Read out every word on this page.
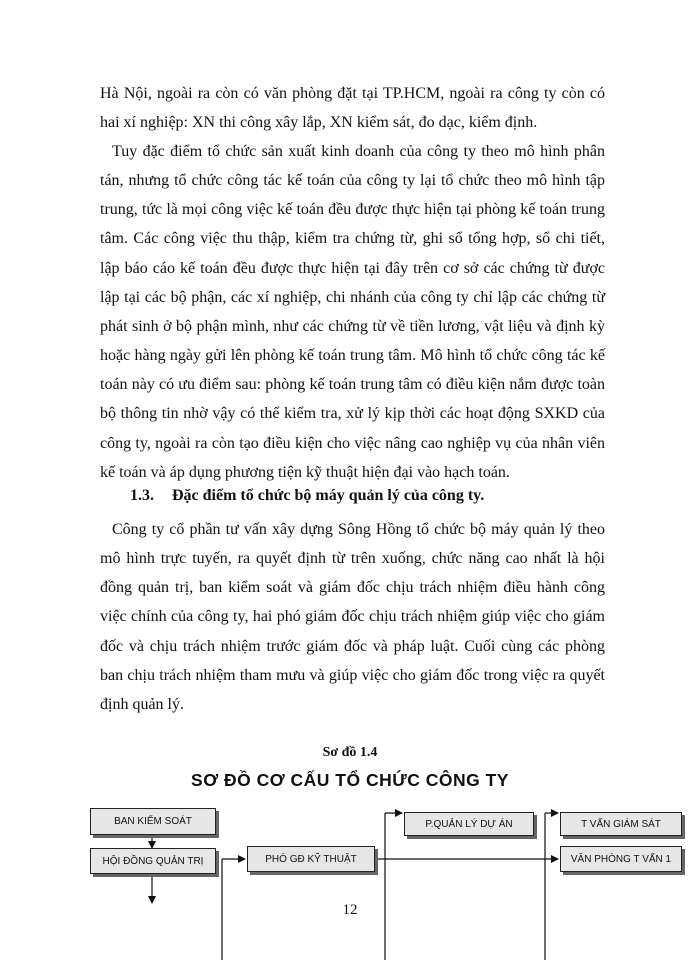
Hà Nội, ngoài ra còn có văn phòng đặt tại TP.HCM, ngoài ra công ty còn có hai xí nghiệp: XN thi công xây lắp, XN kiểm sát, đo dạc, kiểm định.

Tuy đặc điểm tổ chức sản xuất kinh doanh của công ty theo mô hình phân tán, nhưng tổ chức công tác kế toán của công ty lại tổ chức theo mô hình tập trung, tức là mọi công việc kế toán đều được thực hiện tại phòng kế toán trung tâm. Các công việc thu thập, kiểm tra chứng từ, ghi sổ tổng hợp, sổ chi tiết, lập báo cáo kế toán đều được thực hiện tại đây trên cơ sở các chứng từ được lập tại các bộ phận, các xí nghiệp, chi nhánh của công ty chỉ lập các chứng từ phát sinh ở bộ phận mình, như các chứng từ về tiền lương, vật liệu và định kỳ hoặc hàng ngày gửi lên phòng kế toán trung tâm. Mô hình tổ chức công tác kế toán này có ưu điểm sau: phòng kế toán trung tâm có điều kiện nắm được toàn bộ thông tin nhờ vậy có thể kiểm tra, xử lý kịp thời các hoạt động SXKD của công ty, ngoài ra còn tạo điều kiện cho việc nâng cao nghiệp vụ của nhân viên kế toán và áp dụng phương tiện kỹ thuật hiện đại vào hạch toán.

1.3. Đặc điểm tổ chức bộ máy quản lý của công ty.

Công ty cổ phần tư vấn xây dựng Sông Hồng tổ chức bộ máy quản lý theo mô hình trực tuyến, ra quyết định từ trên xuống, chức năng cao nhất là hội đồng quản trị, ban kiểm soát và giám đốc chịu trách nhiệm điều hành công việc chính của công ty, hai phó giám đốc chịu trách nhiệm giúp việc cho giám đốc và chịu trách nhiệm trước giám đốc và pháp luật. Cuối cùng các phòng ban chịu trách nhiệm tham mưu và giúp việc cho giám đốc trong việc ra quyết định quản lý.

Sơ đồ 1.4

SƠ ĐỒ CƠ CẤU TỔ CHỨC CÔNG TY

BAN KIỂM SOÁT
HỘI ĐỒNG QUẢN TRỊ	PHÓ GĐ KỸ THUẬT
P.QUẢN LÝ DỰ ÁN	T VẤN GIÁM SÁT
VĂN PHÒNG T VẤN 1
12
